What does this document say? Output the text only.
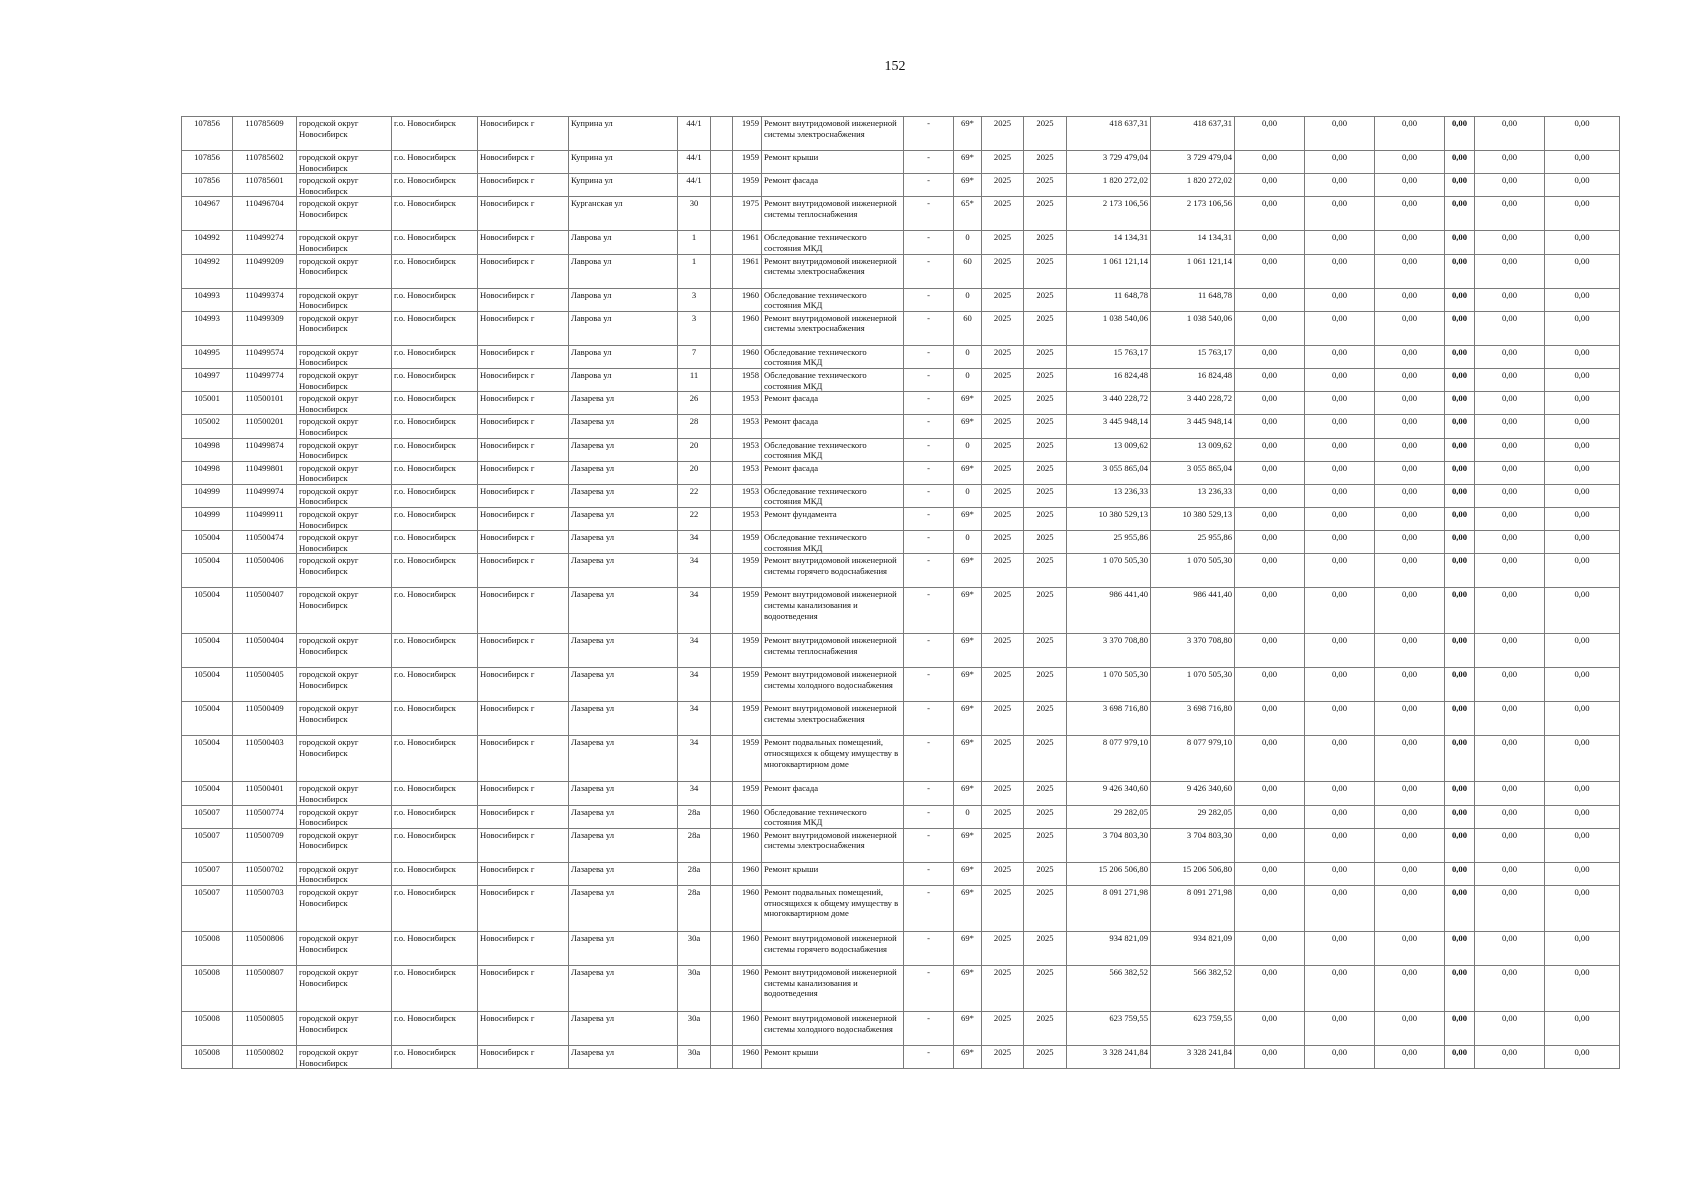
152
107856	110785609	городской округ Новосибирск	г.о. Новосибирск	Новосибирск г	Куприна ул	44/1		1959	Ремонт внутридомовой инженерной системы электроснабжения	-	69*	2025	2025	418 637,31	418 637,31	0,00	0,00	0,00	0,00	0,00	0,00
107856	110785602	городской округ Новосибирск	г.о. Новосибирск	Новосибирск г	Куприна ул	44/1		1959	Ремонт крыши	-	69*	2025	2025	3 729 479,04	3 729 479,04	0,00	0,00	0,00	0,00	0,00	0,00
107856	110785601	городской округ Новосибирск	г.о. Новосибирск	Новосибирск г	Куприна ул	44/1		1959	Ремонт фасада	-	69*	2025	2025	1 820 272,02	1 820 272,02	0,00	0,00	0,00	0,00	0,00	0,00
104967	110496704	городской округ Новосибирск	г.о. Новосибирск	Новосибирск г	Курганская ул	30		1975	Ремонт внутридомовой инженерной системы теплоснабжения	-	65*	2025	2025	2 173 106,56	2 173 106,56	0,00	0,00	0,00	0,00	0,00	0,00
104992	110499274	городской округ Новосибирск	г.о. Новосибирск	Новосибирск г	Лаврова ул	1		1961	Обследование технического состояния МКД	-	0	2025	2025	14 134,31	14 134,31	0,00	0,00	0,00	0,00	0,00	0,00
104992	110499209	городской округ Новосибирск	г.о. Новосибирск	Новосибирск г	Лаврова ул	1		1961	Ремонт внутридомовой инженерной системы электроснабжения	-	60	2025	2025	1 061 121,14	1 061 121,14	0,00	0,00	0,00	0,00	0,00	0,00
104993	110499374	городской округ Новосибирск	г.о. Новосибирск	Новосибирск г	Лаврова ул	3		1960	Обследование технического состояния МКД	-	0	2025	2025	11 648,78	11 648,78	0,00	0,00	0,00	0,00	0,00	0,00
104993	110499309	городской округ Новосибирск	г.о. Новосибирск	Новосибирск г	Лаврова ул	3		1960	Ремонт внутридомовой инженерной системы электроснабжения	-	60	2025	2025	1 038 540,06	1 038 540,06	0,00	0,00	0,00	0,00	0,00	0,00
104995	110499574	городской округ Новосибирск	г.о. Новосибирск	Новосибирск г	Лаврова ул	7		1960	Обследование технического состояния МКД	-	0	2025	2025	15 763,17	15 763,17	0,00	0,00	0,00	0,00	0,00	0,00
104997	110499774	городской округ Новосибирск	г.о. Новосибирск	Новосибирск г	Лаврова ул	11		1958	Обследование технического состояния МКД	-	0	2025	2025	16 824,48	16 824,48	0,00	0,00	0,00	0,00	0,00	0,00
105001	110500101	городской округ Новосибирск	г.о. Новосибирск	Новосибирск г	Лазарева ул	26		1953	Ремонт фасада	-	69*	2025	2025	3 440 228,72	3 440 228,72	0,00	0,00	0,00	0,00	0,00	0,00
105002	110500201	городской округ Новосибирск	г.о. Новосибирск	Новосибирск г	Лазарева ул	28		1953	Ремонт фасада	-	69*	2025	2025	3 445 948,14	3 445 948,14	0,00	0,00	0,00	0,00	0,00	0,00
104998	110499874	городской округ Новосибирск	г.о. Новосибирск	Новосибирск г	Лазарева ул	20		1953	Обследование технического состояния МКД	-	0	2025	2025	13 009,62	13 009,62	0,00	0,00	0,00	0,00	0,00	0,00
104998	110499801	городской округ Новосибирск	г.о. Новосибирск	Новосибирск г	Лазарева ул	20		1953	Ремонт фасада	-	69*	2025	2025	3 055 865,04	3 055 865,04	0,00	0,00	0,00	0,00	0,00	0,00
104999	110499974	городской округ Новосибирск	г.о. Новосибирск	Новосибирск г	Лазарева ул	22		1953	Обследование технического состояния МКД	-	0	2025	2025	13 236,33	13 236,33	0,00	0,00	0,00	0,00	0,00	0,00
104999	110499911	городской округ Новосибирск	г.о. Новосибирск	Новосибирск г	Лазарева ул	22		1953	Ремонт фундамента	-	69*	2025	2025	10 380 529,13	10 380 529,13	0,00	0,00	0,00	0,00	0,00	0,00
105004	110500474	городской округ Новосибирск	г.о. Новосибирск	Новосибирск г	Лазарева ул	34		1959	Обследование технического состояния МКД	-	0	2025	2025	25 955,86	25 955,86	0,00	0,00	0,00	0,00	0,00	0,00
105004	110500406	городской округ Новосибирск	г.о. Новосибирск	Новосибирск г	Лазарева ул	34		1959	Ремонт внутридомовой инженерной системы горячего водоснабжения	-	69*	2025	2025	1 070 505,30	1 070 505,30	0,00	0,00	0,00	0,00	0,00	0,00
105004	110500407	городской округ Новосибирск	г.о. Новосибирск	Новосибирск г	Лазарева ул	34		1959	Ремонт внутридомовой инженерной системы канализования и водоотведения	-	69*	2025	2025	986 441,40	986 441,40	0,00	0,00	0,00	0,00	0,00	0,00
105004	110500404	городской округ Новосибирск	г.о. Новосибирск	Новосибирск г	Лазарева ул	34		1959	Ремонт внутридомовой инженерной системы теплоснабжения	-	69*	2025	2025	3 370 708,80	3 370 708,80	0,00	0,00	0,00	0,00	0,00	0,00
105004	110500405	городской округ Новосибирск	г.о. Новосибирск	Новосибирск г	Лазарева ул	34		1959	Ремонт внутридомовой инженерной системы холодного водоснабжения	-	69*	2025	2025	1 070 505,30	1 070 505,30	0,00	0,00	0,00	0,00	0,00	0,00
105004	110500409	городской округ Новосибирск	г.о. Новосибирск	Новосибирск г	Лазарева ул	34		1959	Ремонт внутридомовой инженерной системы электроснабжения	-	69*	2025	2025	3 698 716,80	3 698 716,80	0,00	0,00	0,00	0,00	0,00	0,00
105004	110500403	городской округ Новосибирск	г.о. Новосибирск	Новосибирск г	Лазарева ул	34		1959	Ремонт подвальных помещений, относящихся к общему имуществу в многоквартирном доме	-	69*	2025	2025	8 077 979,10	8 077 979,10	0,00	0,00	0,00	0,00	0,00	0,00
105004	110500401	городской округ Новосибирск	г.о. Новосибирск	Новосибирск г	Лазарева ул	34		1959	Ремонт фасада	-	69*	2025	2025	9 426 340,60	9 426 340,60	0,00	0,00	0,00	0,00	0,00	0,00
105007	110500774	городской округ Новосибирск	г.о. Новосибирск	Новосибирск г	Лазарева ул	28а		1960	Обследование технического состояния МКД	-	0	2025	2025	29 282,05	29 282,05	0,00	0,00	0,00	0,00	0,00	0,00
105007	110500709	городской округ Новосибирск	г.о. Новосибирск	Новосибирск г	Лазарева ул	28а		1960	Ремонт внутридомовой инженерной системы электроснабжения	-	69*	2025	2025	3 704 803,30	3 704 803,30	0,00	0,00	0,00	0,00	0,00	0,00
105007	110500702	городской округ Новосибирск	г.о. Новосибирск	Новосибирск г	Лазарева ул	28а		1960	Ремонт крыши	-	69*	2025	2025	15 206 506,80	15 206 506,80	0,00	0,00	0,00	0,00	0,00	0,00
105007	110500703	городской округ Новосибирск	г.о. Новосибирск	Новосибирск г	Лазарева ул	28а		1960	Ремонт подвальных помещений, относящихся к общему имуществу в многоквартирном доме	-	69*	2025	2025	8 091 271,98	8 091 271,98	0,00	0,00	0,00	0,00	0,00	0,00
105008	110500806	городской округ Новосибирск	г.о. Новосибирск	Новосибирск г	Лазарева ул	30а		1960	Ремонт внутридомовой инженерной системы горячего водоснабжения	-	69*	2025	2025	934 821,09	934 821,09	0,00	0,00	0,00	0,00	0,00	0,00
105008	110500807	городской округ Новосибирск	г.о. Новосибирск	Новосибирск г	Лазарева ул	30а		1960	Ремонт внутридомовой инженерной системы канализования и водоотведения	-	69*	2025	2025	566 382,52	566 382,52	0,00	0,00	0,00	0,00	0,00	0,00
105008	110500805	городской округ Новосибирск	г.о. Новосибирск	Новосибирск г	Лазарева ул	30а		1960	Ремонт внутридомовой инженерной системы холодного водоснабжения	-	69*	2025	2025	623 759,55	623 759,55	0,00	0,00	0,00	0,00	0,00	0,00
105008	110500802	городской округ Новосибирск	г.о. Новосибирск	Новосибирск г	Лазарева ул	30а		1960	Ремонт крыши	-	69*	2025	2025	3 328 241,84	3 328 241,84	0,00	0,00	0,00	0,00	0,00	0,00
